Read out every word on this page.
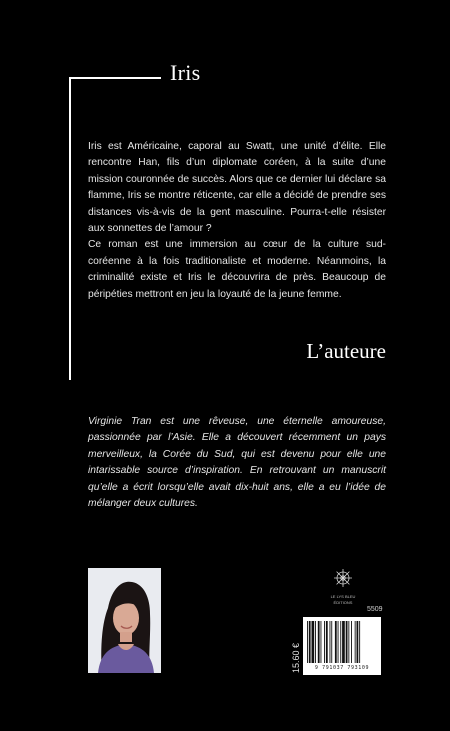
Iris

Iris est Américaine, caporal au Swatt, une unité d’élite. Elle rencontre Han, fils d’un diplomate coréen, à la suite d’une mission couronnée de succès. Alors que ce dernier lui déclare sa flamme, Iris se montre réticente, car elle a décidé de prendre ses distances vis-à-vis de la gent masculine. Pourra-t-elle résister aux sonnettes de l’amour ?

Ce roman est une immersion au cœur de la culture sud-coréenne à la fois traditionaliste et moderne. Néanmoins, la criminalité existe et Iris le découvrira de près. Beaucoup de péripéties mettront en jeu la loyauté de la jeune femme.

L’auteure

Virginie Tran est une rêveuse, une éternelle amoureuse, passionnée par l’Asie. Elle a découvert récemment un pays merveilleux, la Corée du Sud, qui est devenu pour elle une intarissable source d’inspiration. En retrouvant un manuscrit qu’elle a écrit lorsqu’elle avait dix-huit ans, elle a eu l’idée de mélanger deux cultures.

LE LYS BLEU
ÉDITIONS
5509
15.60 €	9 791037 793109
